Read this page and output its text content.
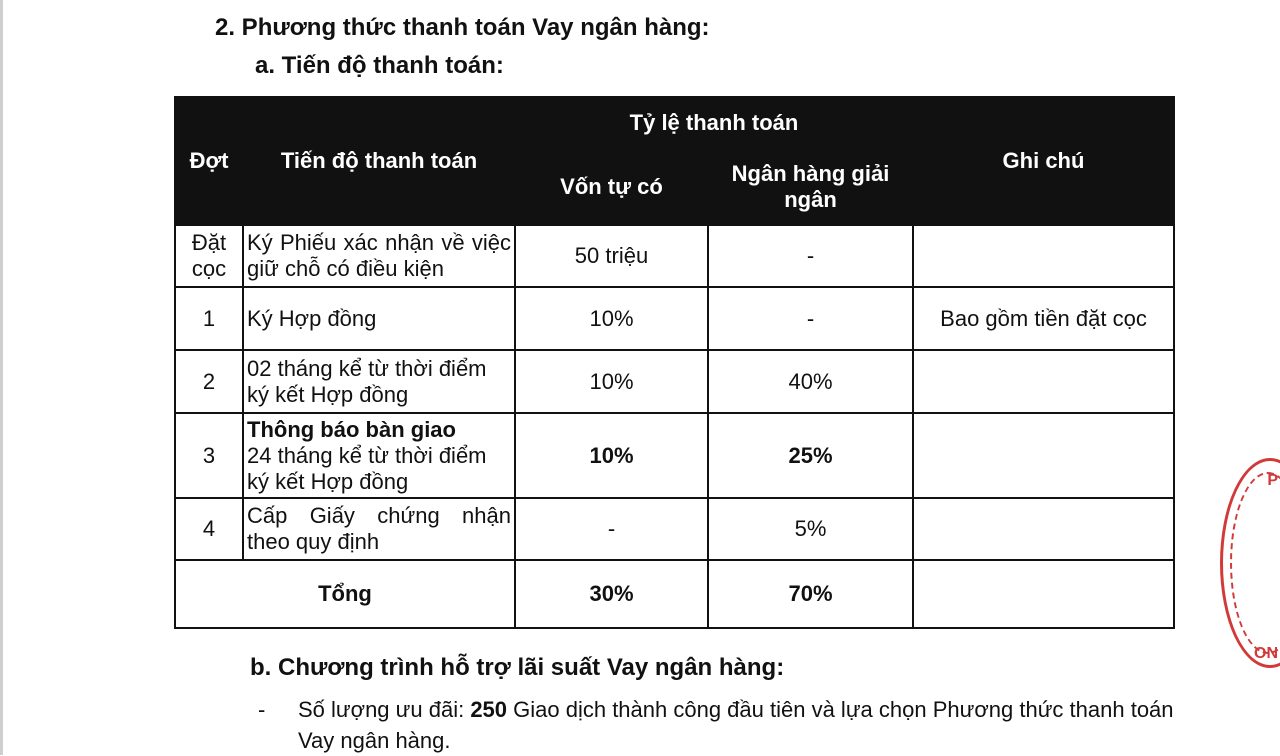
2. Phương thức thanh toán Vay ngân hàng:
a. Tiến độ thanh toán:
Đợt	Tiến độ thanh toán	Tỷ lệ thanh toán		Ghi chú
		Vốn tự có	Ngân hàng giải ngân	
Đặt cọc	Ký Phiếu xác nhận về việc giữ chỗ có điều kiện	50 triệu	-	
1	Ký Hợp đồng	10%	-	Bao gồm tiền đặt cọc
2	02 tháng kể từ thời điểm ký kết Hợp đồng	10%	40%	
3	Thông báo bàn giao
24 tháng kể từ thời điểm ký kết Hợp đồng	10%	25%	
4	Cấp Giấy chứng nhận theo quy định	-	5%	
Tổng		30%	70%	
b. Chương trình hỗ trợ lãi suất Vay ngân hàng:
- Số lượng ưu đãi: 250 Giao dịch thành công đầu tiên và lựa chọn Phương thức thanh toán Vay ngân hàng.
P
ON
